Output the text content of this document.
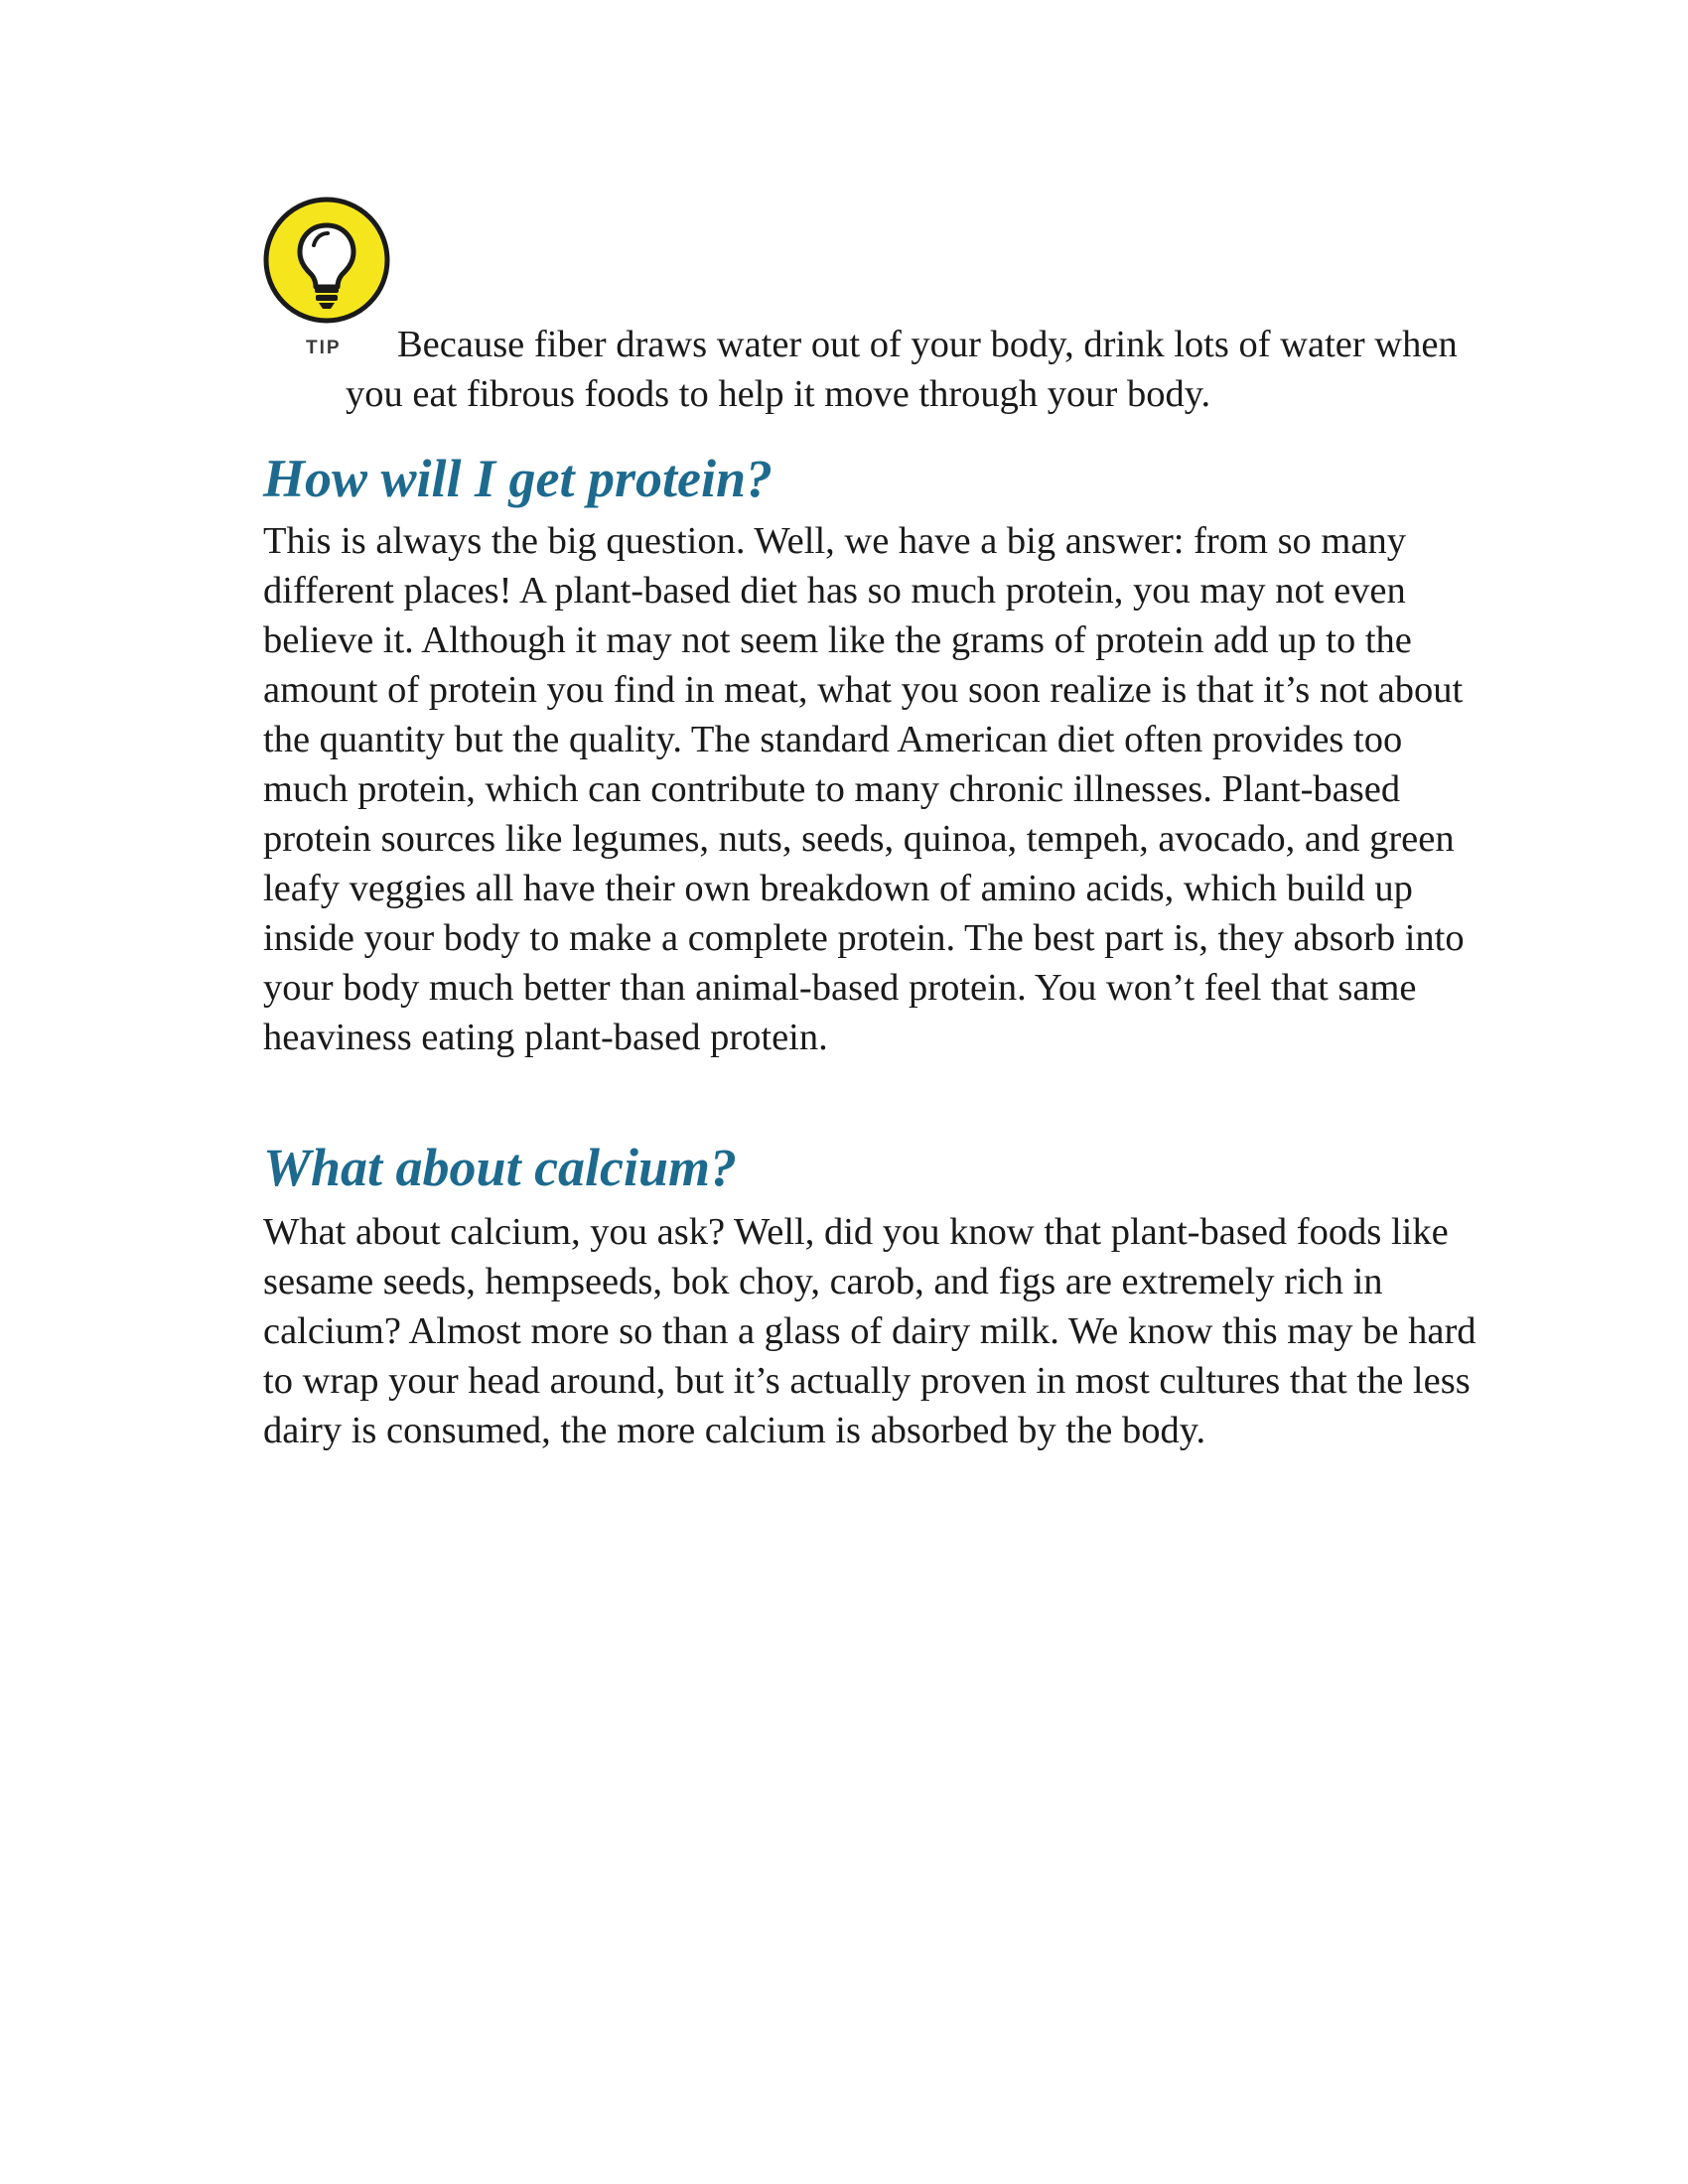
TIP	Because fiber draws water out of your body, drink lots of water when you eat fibrous foods to help it move through your body.

How will I get protein?

This is always the big question. Well, we have a big answer: from so many different places! A plant-based diet has so much protein, you may not even believe it. Although it may not seem like the grams of protein add up to the amount of protein you find in meat, what you soon realize is that it’s not about the quantity but the quality. The standard American diet often provides too much protein, which can contribute to many chronic illnesses. Plant-based protein sources like legumes, nuts, seeds, quinoa, tempeh, avocado, and green leafy veggies all have their own breakdown of amino acids, which build up inside your body to make a complete protein. The best part is, they absorb into your body much better than animal-based protein. You won’t feel that same heaviness eating plant-based protein.

What about calcium?

What about calcium, you ask? Well, did you know that plant-based foods like sesame seeds, hempseeds, bok choy, carob, and figs are extremely rich in calcium? Almost more so than a glass of dairy milk. We know this may be hard to wrap your head around, but it’s actually proven in most cultures that the less dairy is consumed, the more calcium is absorbed by the body.
